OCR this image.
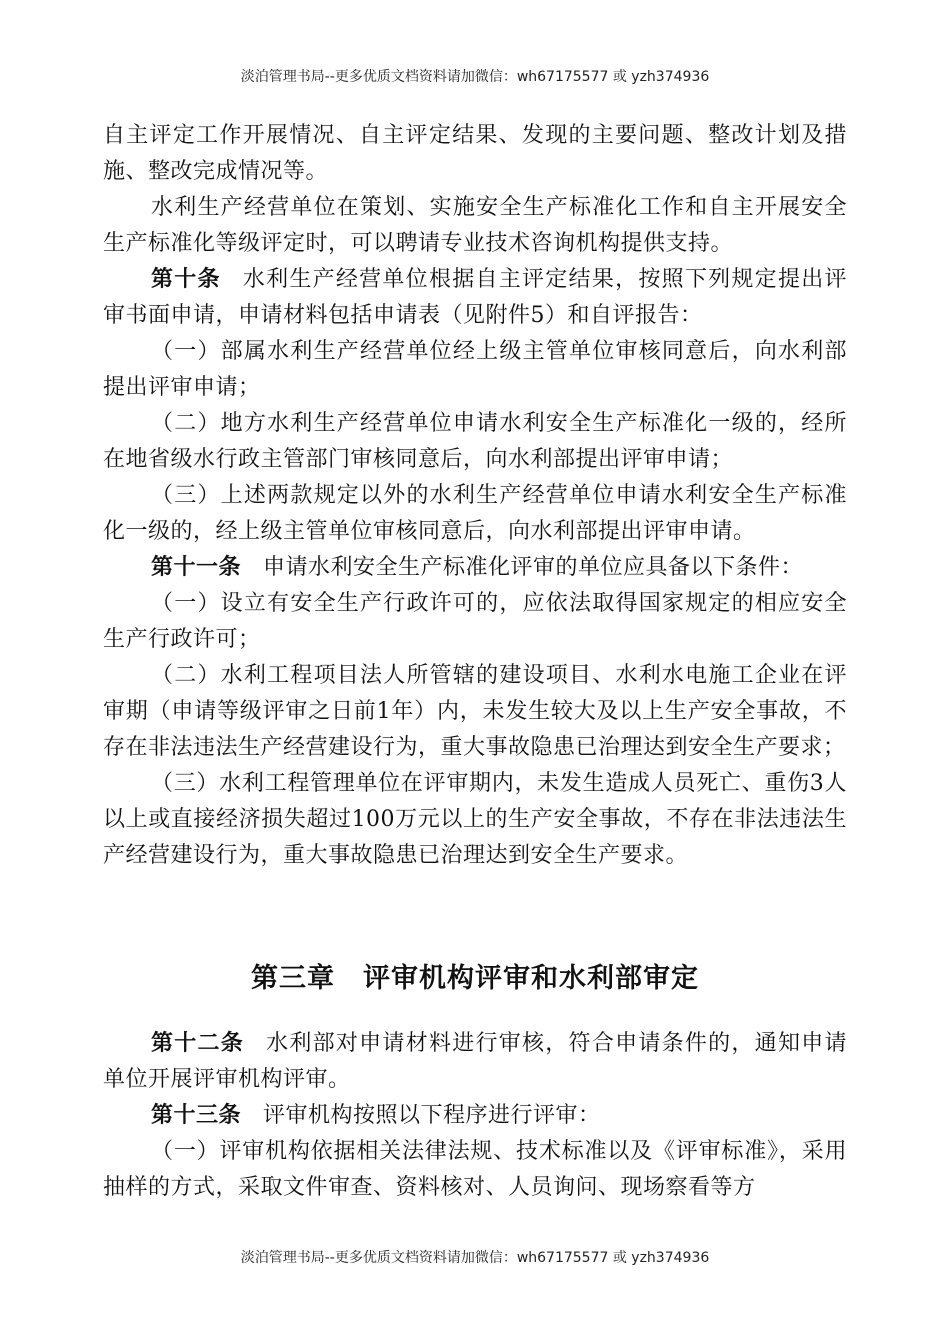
淡泊管理书局--更多优质文档资料请加微信：wh67175577 或 yzh374936

自主评定工作开展情况、自主评定结果、发现的主要问题、整改计划及措施、整改完成情况等。

水利生产经营单位在策划、实施安全生产标准化工作和自主开展安全生产标准化等级评定时，可以聘请专业技术咨询机构提供支持。

第十条 水利生产经营单位根据自主评定结果，按照下列规定提出评审书面申请，申请材料包括申请表（见附件5）和自评报告：

（一）部属水利生产经营单位经上级主管单位审核同意后，向水利部提出评审申请；

（二）地方水利生产经营单位申请水利安全生产标准化一级的，经所在地省级水行政主管部门审核同意后，向水利部提出评审申请；

（三）上述两款规定以外的水利生产经营单位申请水利安全生产标准化一级的，经上级主管单位审核同意后，向水利部提出评审申请。

第十一条 申请水利安全生产标准化评审的单位应具备以下条件：

（一）设立有安全生产行政许可的，应依法取得国家规定的相应安全生产行政许可；

（二）水利工程项目法人所管辖的建设项目、水利水电施工企业在评审期（申请等级评审之日前1年）内，未发生较大及以上生产安全事故，不存在非法违法生产经营建设行为，重大事故隐患已治理达到安全生产要求；

（三）水利工程管理单位在评审期内，未发生造成人员死亡、重伤3人以上或直接经济损失超过100万元以上的生产安全事故，不存在非法违法生产经营建设行为，重大事故隐患已治理达到安全生产要求。

第三章 评审机构评审和水利部审定

第十二条 水利部对申请材料进行审核，符合申请条件的，通知申请单位开展评审机构评审。

第十三条 评审机构按照以下程序进行评审：

（一）评审机构依据相关法律法规、技术标准以及《评审标准》，采用抽样的方式，采取文件审查、资料核对、人员询问、现场察看等方

淡泊管理书局--更多优质文档资料请加微信：wh67175577 或 yzh374936
